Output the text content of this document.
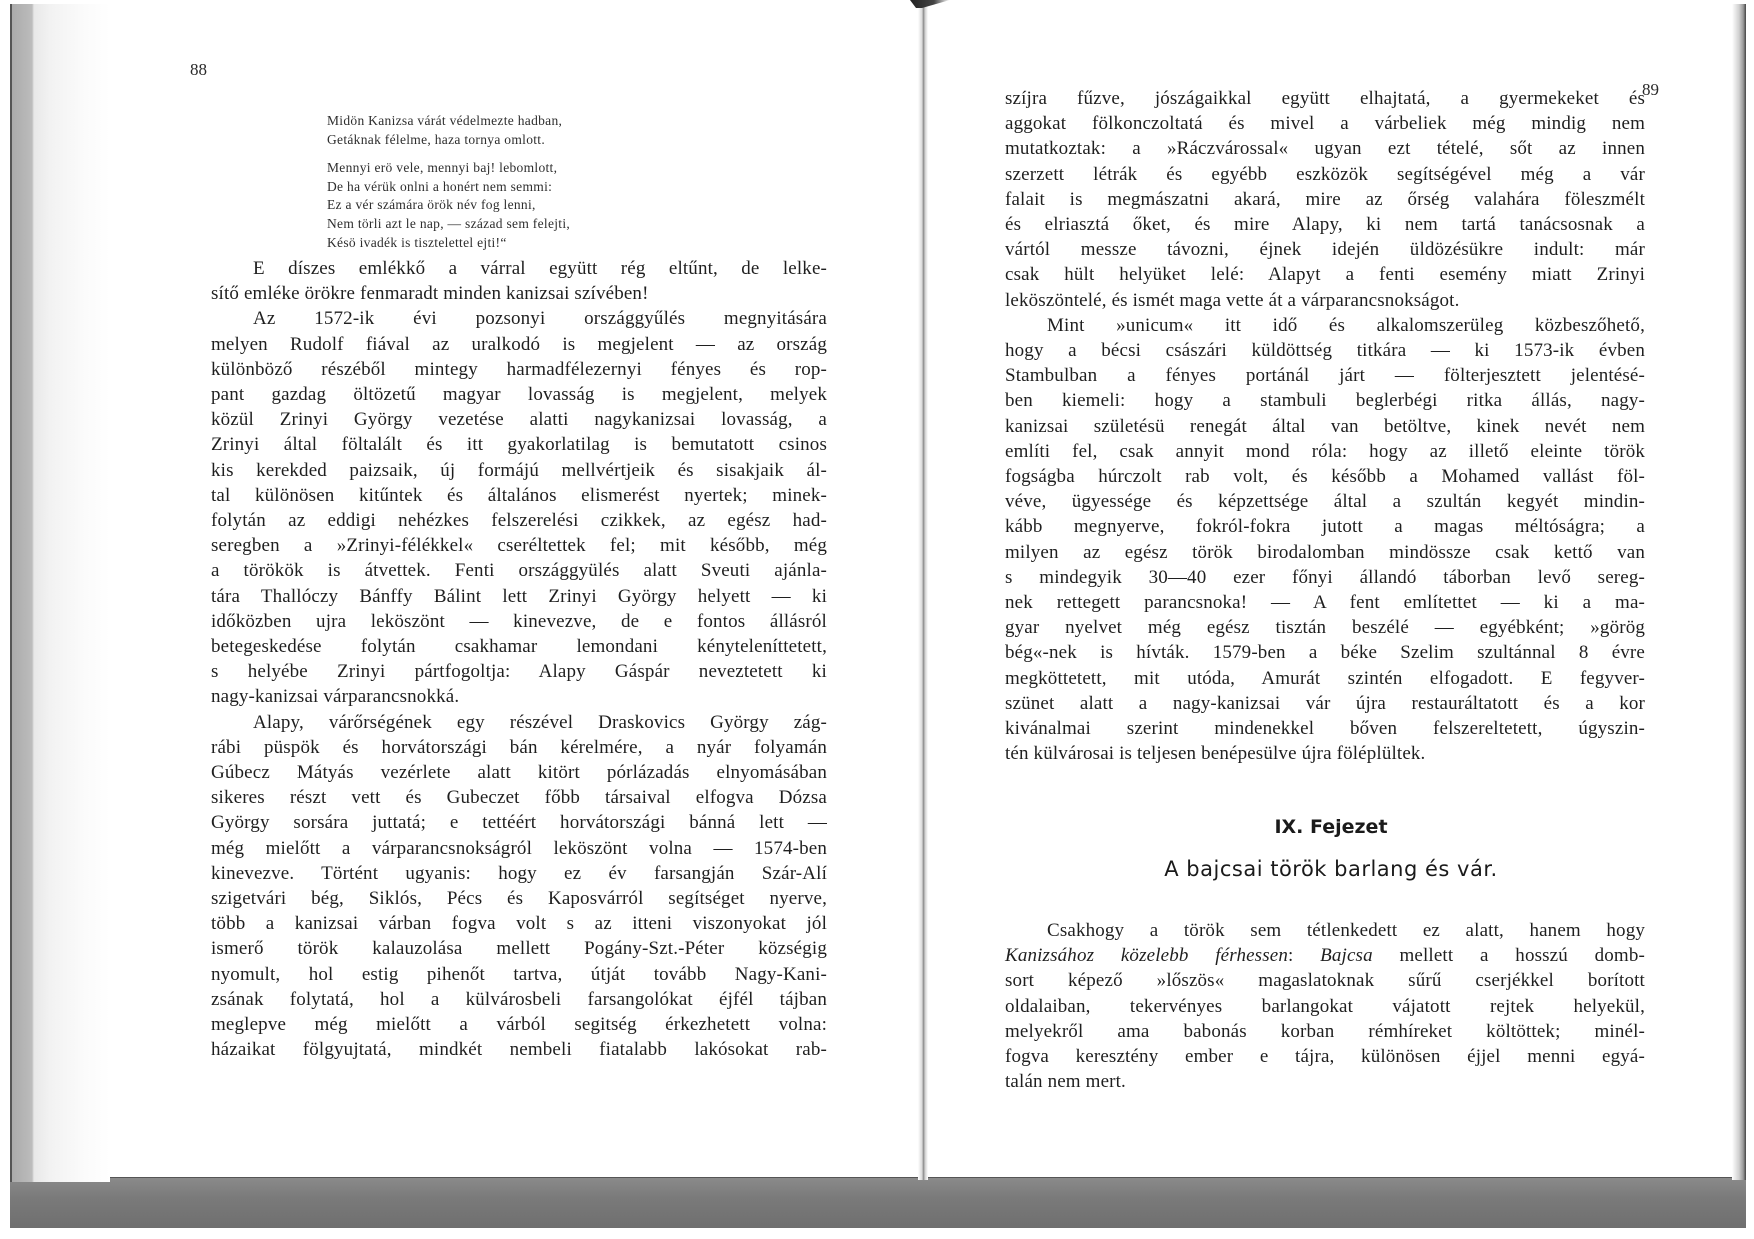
88
Midön Kanizsa várát védelmezte hadban,
Getáknak félelme, haza tornya omlott.
Mennyi erö vele, mennyi baj! lebomlott,
De ha vérük onlni a honért nem semmi:
Ez a vér számára örök név fog lenni,
Nem törli azt le nap, — század sem felejti,
Késö ivadék is tisztelettel ejti!“
E díszes emlékkő a várral együtt rég eltűnt, de lelke-
sítő emléke örökre fenmaradt minden kanizsai szívében!
Az 1572-ik évi pozsonyi országgyűlés megnyitására
melyen Rudolf fiával az uralkodó is megjelent — az ország
különböző részéből mintegy harmadfélezernyi fényes és rop-
pant gazdag öltözetű magyar lovasság is megjelent, melyek
közül Zrinyi György vezetése alatti nagykanizsai lovasság, a
Zrinyi által föltalált és itt gyakorlatilag is bemutatott csinos
kis kerekded paizsaik, új formájú mellvértjeik és sisakjaik ál-
tal különösen kitűntek és általános elismerést nyertek; minek-
folytán az eddigi nehézkes felszerelési czikkek, az egész had-
seregben a »Zrinyi-félékkel« cseréltettek fel; mit később, még
a törökök is átvettek. Fenti országgyülés alatt Sveuti ajánla-
tára Thallóczy Bánffy Bálint lett Zrinyi György helyett — ki
időközben ujra leköszönt — kinevezve, de e fontos állásról
betegeskedése folytán csakhamar lemondani kényteleníttetett,
s helyébe Zrinyi pártfogoltja: Alapy Gáspár neveztetett ki
nagy-kanizsai várparancsnokká.
Alapy, várőrségének egy részével Draskovics György zág-
rábi püspök és horvátországi bán kérelmére, a nyár folyamán
Gúbecz Mátyás vezérlete alatt kitört pórlázadás elnyomásában
sikeres részt vett és Gubeczet főbb társaival elfogva Dózsa
György sorsára juttatá; e tettéért horvátországi bánná lett —
még mielőtt a várparancsnokságról leköszönt volna — 1574-ben
kinevezve. Történt ugyanis: hogy ez év farsangján Szár-Alí
szigetvári bég, Siklós, Pécs és Kaposvárról segítséget nyerve,
több a kanizsai várban fogva volt s az itteni viszonyokat jól
ismerő török kalauzolása mellett Pogány-Szt.-Péter községig
nyomult, hol estig pihenőt tartva, útját tovább Nagy-Kani-
zsának folytatá, hol a külvárosbeli farsangolókat éjfél tájban
meglepve még mielőtt a várból segitség érkezhetett volna:
házaikat fölgyujtatá, mindkét nembeli fiatalabb lakósokat rab-
89
szíjra fűzve, jószágaikkal együtt elhajtatá, a gyermekeket és
aggokat fölkonczoltatá és mivel a várbeliek még mindig nem
mutatkoztak: a »Ráczvárossal« ugyan ezt tételé, sőt az innen
szerzett létrák és egyébb eszközök segítségével még a vár
falait is megmászatni akará, mire az őrség valahára föleszmélt
és elriasztá őket, és mire Alapy, ki nem tartá tanácsosnak a
vártól messze távozni, éjnek idején üldözésükre indult: már
csak hült helyüket lelé: Alapyt a fenti esemény miatt Zrinyi
leköszöntelé, és ismét maga vette át a várparancsnokságot.
Mint »unicum« itt idő és alkalomszerüleg közbeszőhető,
hogy a bécsi császári küldöttség titkára — ki 1573-ik évben
Stambulban a fényes portánál járt — fölterjesztett jelentésé-
ben kiemeli: hogy a stambuli beglerbégi ritka állás, nagy-
kanizsai születésü renegát által van betöltve, kinek nevét nem
említi fel, csak annyit mond róla: hogy az illető eleinte török
fogságba húrczolt rab volt, és később a Mohamed vallást föl-
véve, ügyessége és képzettsége által a szultán kegyét mindin-
kább megnyerve, fokról-fokra jutott a magas méltóságra; a
milyen az egész török birodalomban mindössze csak kettő van
s mindegyik 30—40 ezer főnyi állandó táborban levő sereg-
nek rettegett parancsnoka! — A fent említettet — ki a ma-
gyar nyelvet még egész tisztán beszélé — egyébként; »görög
bég«-nek is hívták. 1579-ben a béke Szelim szultánnal 8 évre
megköttetett, mit utóda, Amurát szintén elfogadott. E fegyver-
szünet alatt a nagy-kanizsai vár újra restauráltatott és a kor
kivánalmai szerint mindenekkel bőven felszereltetett, úgyszin-
tén külvárosai is teljesen benépesülve újra föléplültek.
IX. Fejezet
A bajcsai török barlang és vár.
Csakhogy a török sem tétlenkedett ez alatt, hanem hogy
Kanizsához közelebb férhessen: Bajcsa mellett a hosszú domb-
sort képező »lőszös« magaslatoknak sűrű cserjékkel borított
oldalaiban, tekervényes barlangokat vájatott rejtek helyekül,
melyekről ama babonás korban rémhíreket költöttek; minél-
fogva keresztény ember e tájra, különösen éjjel menni egyá-
talán nem mert.
